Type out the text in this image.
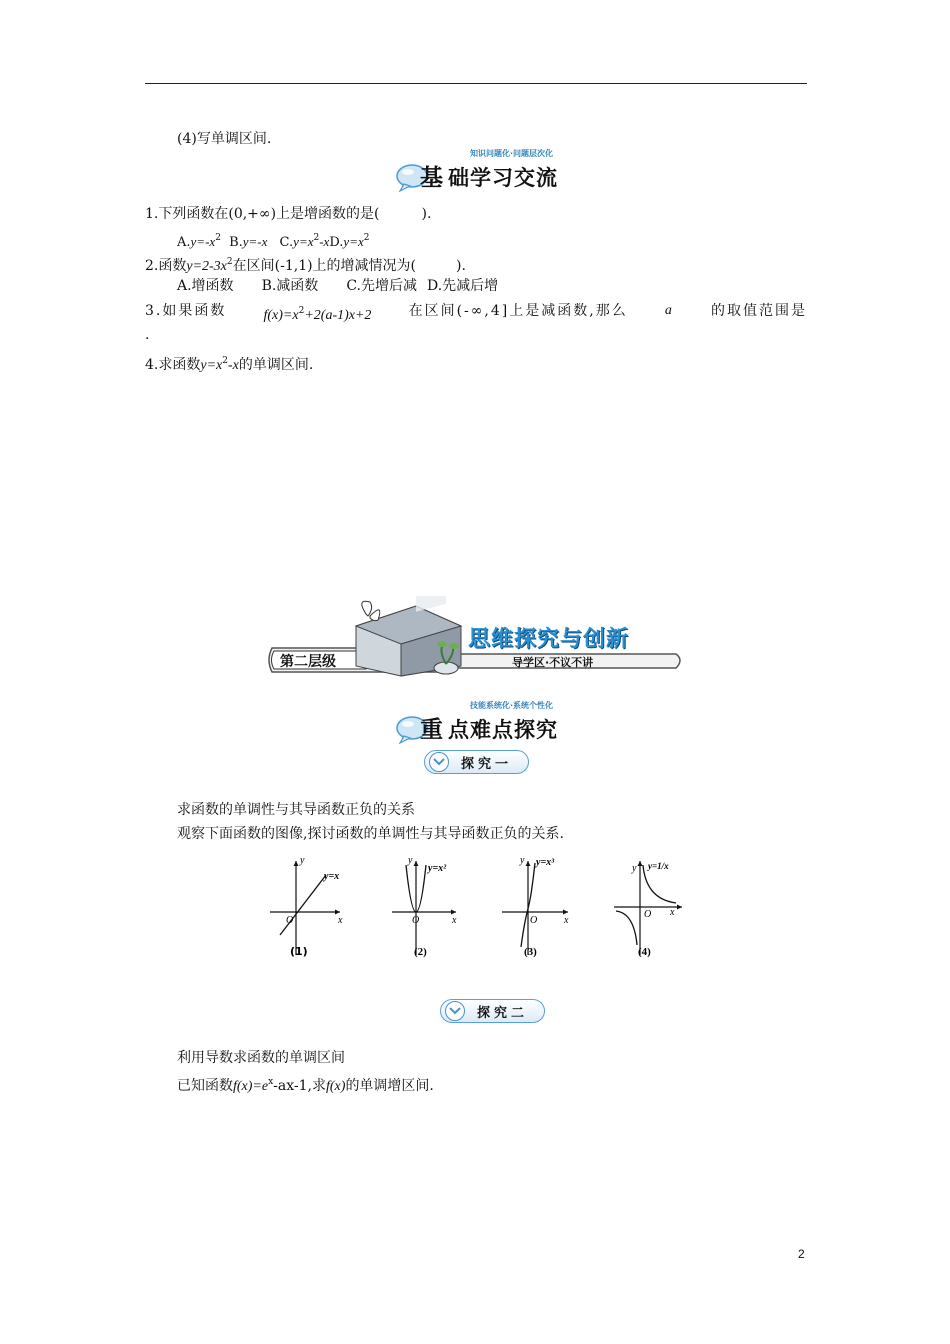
(4)写单调区间.
知识问题化·问题层次化
基 础学习交流
1.下列函数在(0,+∞)上是增函数的是(	).
$A.y=-x^2$ B.y=-x $C.y=x^2-xD.y=x^2$
2.函数$y=2-3x^2$在区间(-1,1)上的增减情况为(	).
A.增函数 B.减函数 C.先增后减 D.先减后增
3.如果函数	$f(x)=x^2+2(a-1)x+2$	在区间(-∞,4]上是减函数,那么	a	的取值范围是
.
4.求函数$y=x^2-x$的单调区间.
第二层级
思维探究与创新
导学区·不议不讲
技能系统化·系统个性化
重 点难点探究
探究一
求函数的单调性与其导函数正负的关系
观察下面函数的图像,探讨函数的单调性与其导函数正负的关系.
y
x
O
y=x
(1)
y
x
O
y=x²
(2)
y
x
O
y=x³
(3)
y
x
O
y=1/x
(4)
探究二
利用导数求函数的单调区间
已知函数$f(x)=e^x-ax-1$,求f(x)的单调增区间.
2
